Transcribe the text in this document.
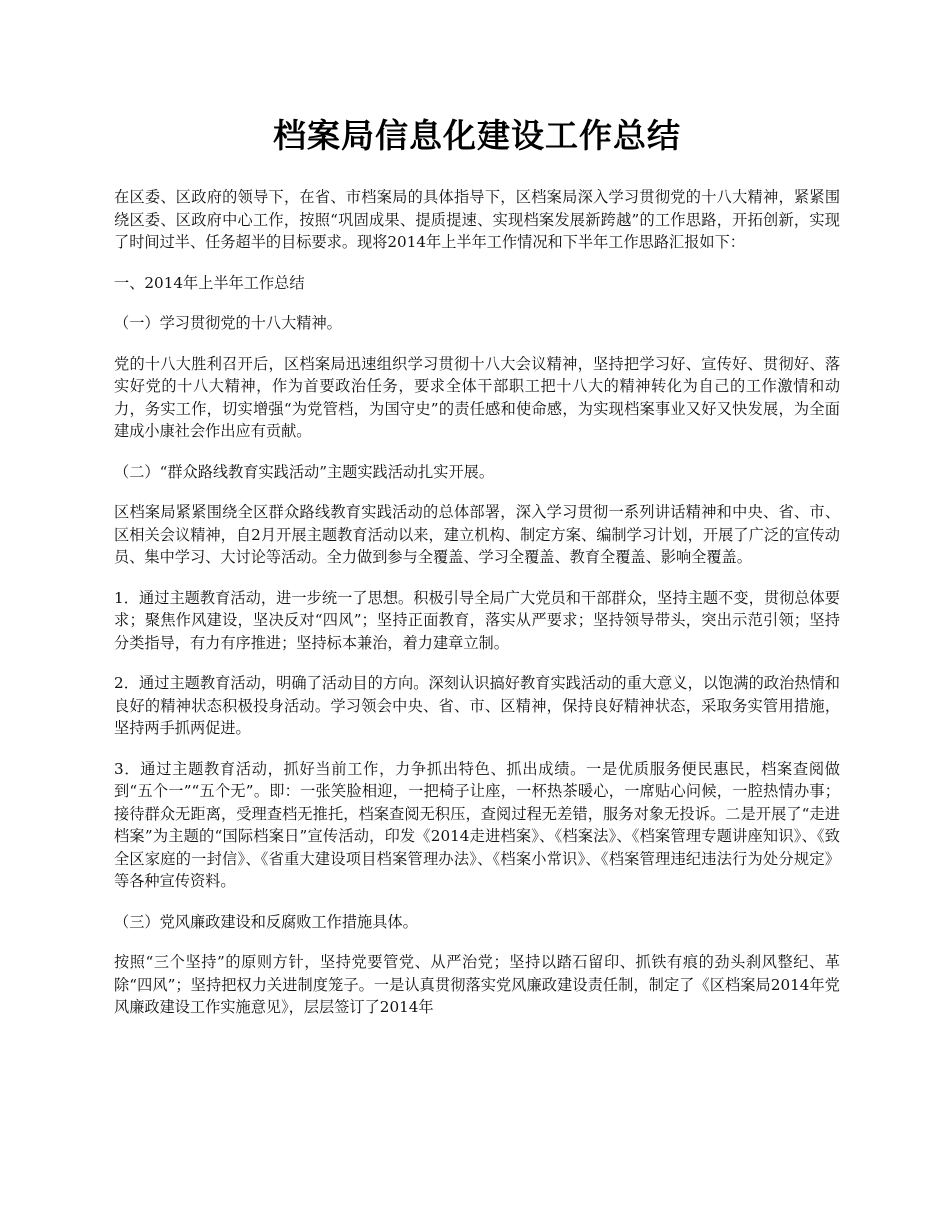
档案局信息化建设工作总结

在区委、区政府的领导下，在省、市档案局的具体指导下，区档案局深入学习贯彻党的十八大精神，紧紧围绕区委、区政府中心工作，按照“巩固成果、提质提速、实现档案发展新跨越”的工作思路，开拓创新，实现了时间过半、任务超半的目标要求。现将2014年上半年工作情况和下半年工作思路汇报如下：

一、2014年上半年工作总结

（一）学习贯彻党的十八大精神。

党的十八大胜利召开后，区档案局迅速组织学习贯彻十八大会议精神，坚持把学习好、宣传好、贯彻好、落实好党的十八大精神，作为首要政治任务，要求全体干部职工把十八大的精神转化为自己的工作激情和动力，务实工作，切实增强“为党管档，为国守史”的责任感和使命感，为实现档案事业又好又快发展，为全面建成小康社会作出应有贡献。

（二）“群众路线教育实践活动”主题实践活动扎实开展。

区档案局紧紧围绕全区群众路线教育实践活动的总体部署，深入学习贯彻一系列讲话精神和中央、省、市、区相关会议精神，自2月开展主题教育活动以来，建立机构、制定方案、编制学习计划，开展了广泛的宣传动员、集中学习、大讨论等活动。全力做到参与全覆盖、学习全覆盖、教育全覆盖、影响全覆盖。

1．通过主题教育活动，进一步统一了思想。积极引导全局广大党员和干部群众，坚持主题不变，贯彻总体要求；聚焦作风建设，坚决反对“四风”；坚持正面教育，落实从严要求；坚持领导带头，突出示范引领；坚持分类指导，有力有序推进；坚持标本兼治，着力建章立制。

2．通过主题教育活动，明确了活动目的方向。深刻认识搞好教育实践活动的重大意义，以饱满的政治热情和良好的精神状态积极投身活动。学习领会中央、省、市、区精神，保持良好精神状态，采取务实管用措施，坚持两手抓两促进。

3．通过主题教育活动，抓好当前工作，力争抓出特色、抓出成绩。一是优质服务便民惠民，档案查阅做到“五个一”“五个无”。即：一张笑脸相迎，一把椅子让座，一杯热茶暖心，一席贴心问候，一腔热情办事；接待群众无距离，受理查档无推托，档案查阅无积压，查阅过程无差错，服务对象无投诉。二是开展了“走进档案”为主题的“国际档案日”宣传活动，印发《2014走进档案》、《档案法》、《档案管理专题讲座知识》、《致全区家庭的一封信》、《省重大建设项目档案管理办法》、《档案小常识》、《档案管理违纪违法行为处分规定》等各种宣传资料。

（三）党风廉政建设和反腐败工作措施具体。

按照“三个坚持”的原则方针，坚持党要管党、从严治党；坚持以踏石留印、抓铁有痕的劲头刹风整纪、革除“四风”；坚持把权力关进制度笼子。一是认真贯彻落实党风廉政建设责任制，制定了《区档案局2014年党风廉政建设工作实施意见》，层层签订了2014年
